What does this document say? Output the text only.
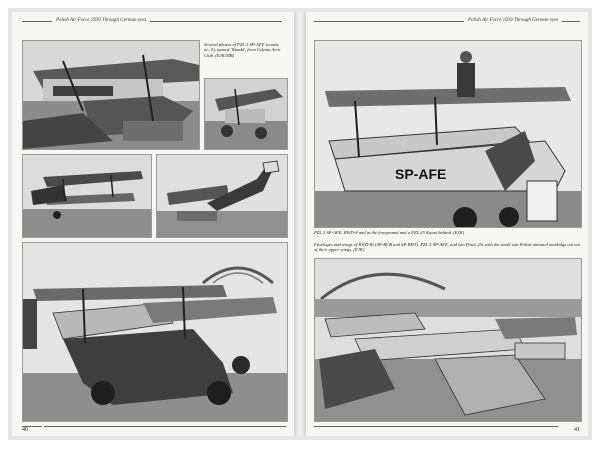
Polish Air Force 1939 Through German eyes
Several photos of PZL.5 SP-AFE (constr. no. 9), named 'Wanda', from Gdynia Aero Club. (EJK/MB)
40
Polish Air Force 1939 Through German eyes
SP-AFE
PZL.5 SP-AFE, RWD-8 and in the foreground and a PZL.23 Karaś behind. (EJK)
Fuselages and wings of RWD-8s (SP-BCB and SP-BHT), PZL.5 SP-AFE, and two Potez 25s with the small size Polish national markings cut out of their upper wings. (EJK)
41
